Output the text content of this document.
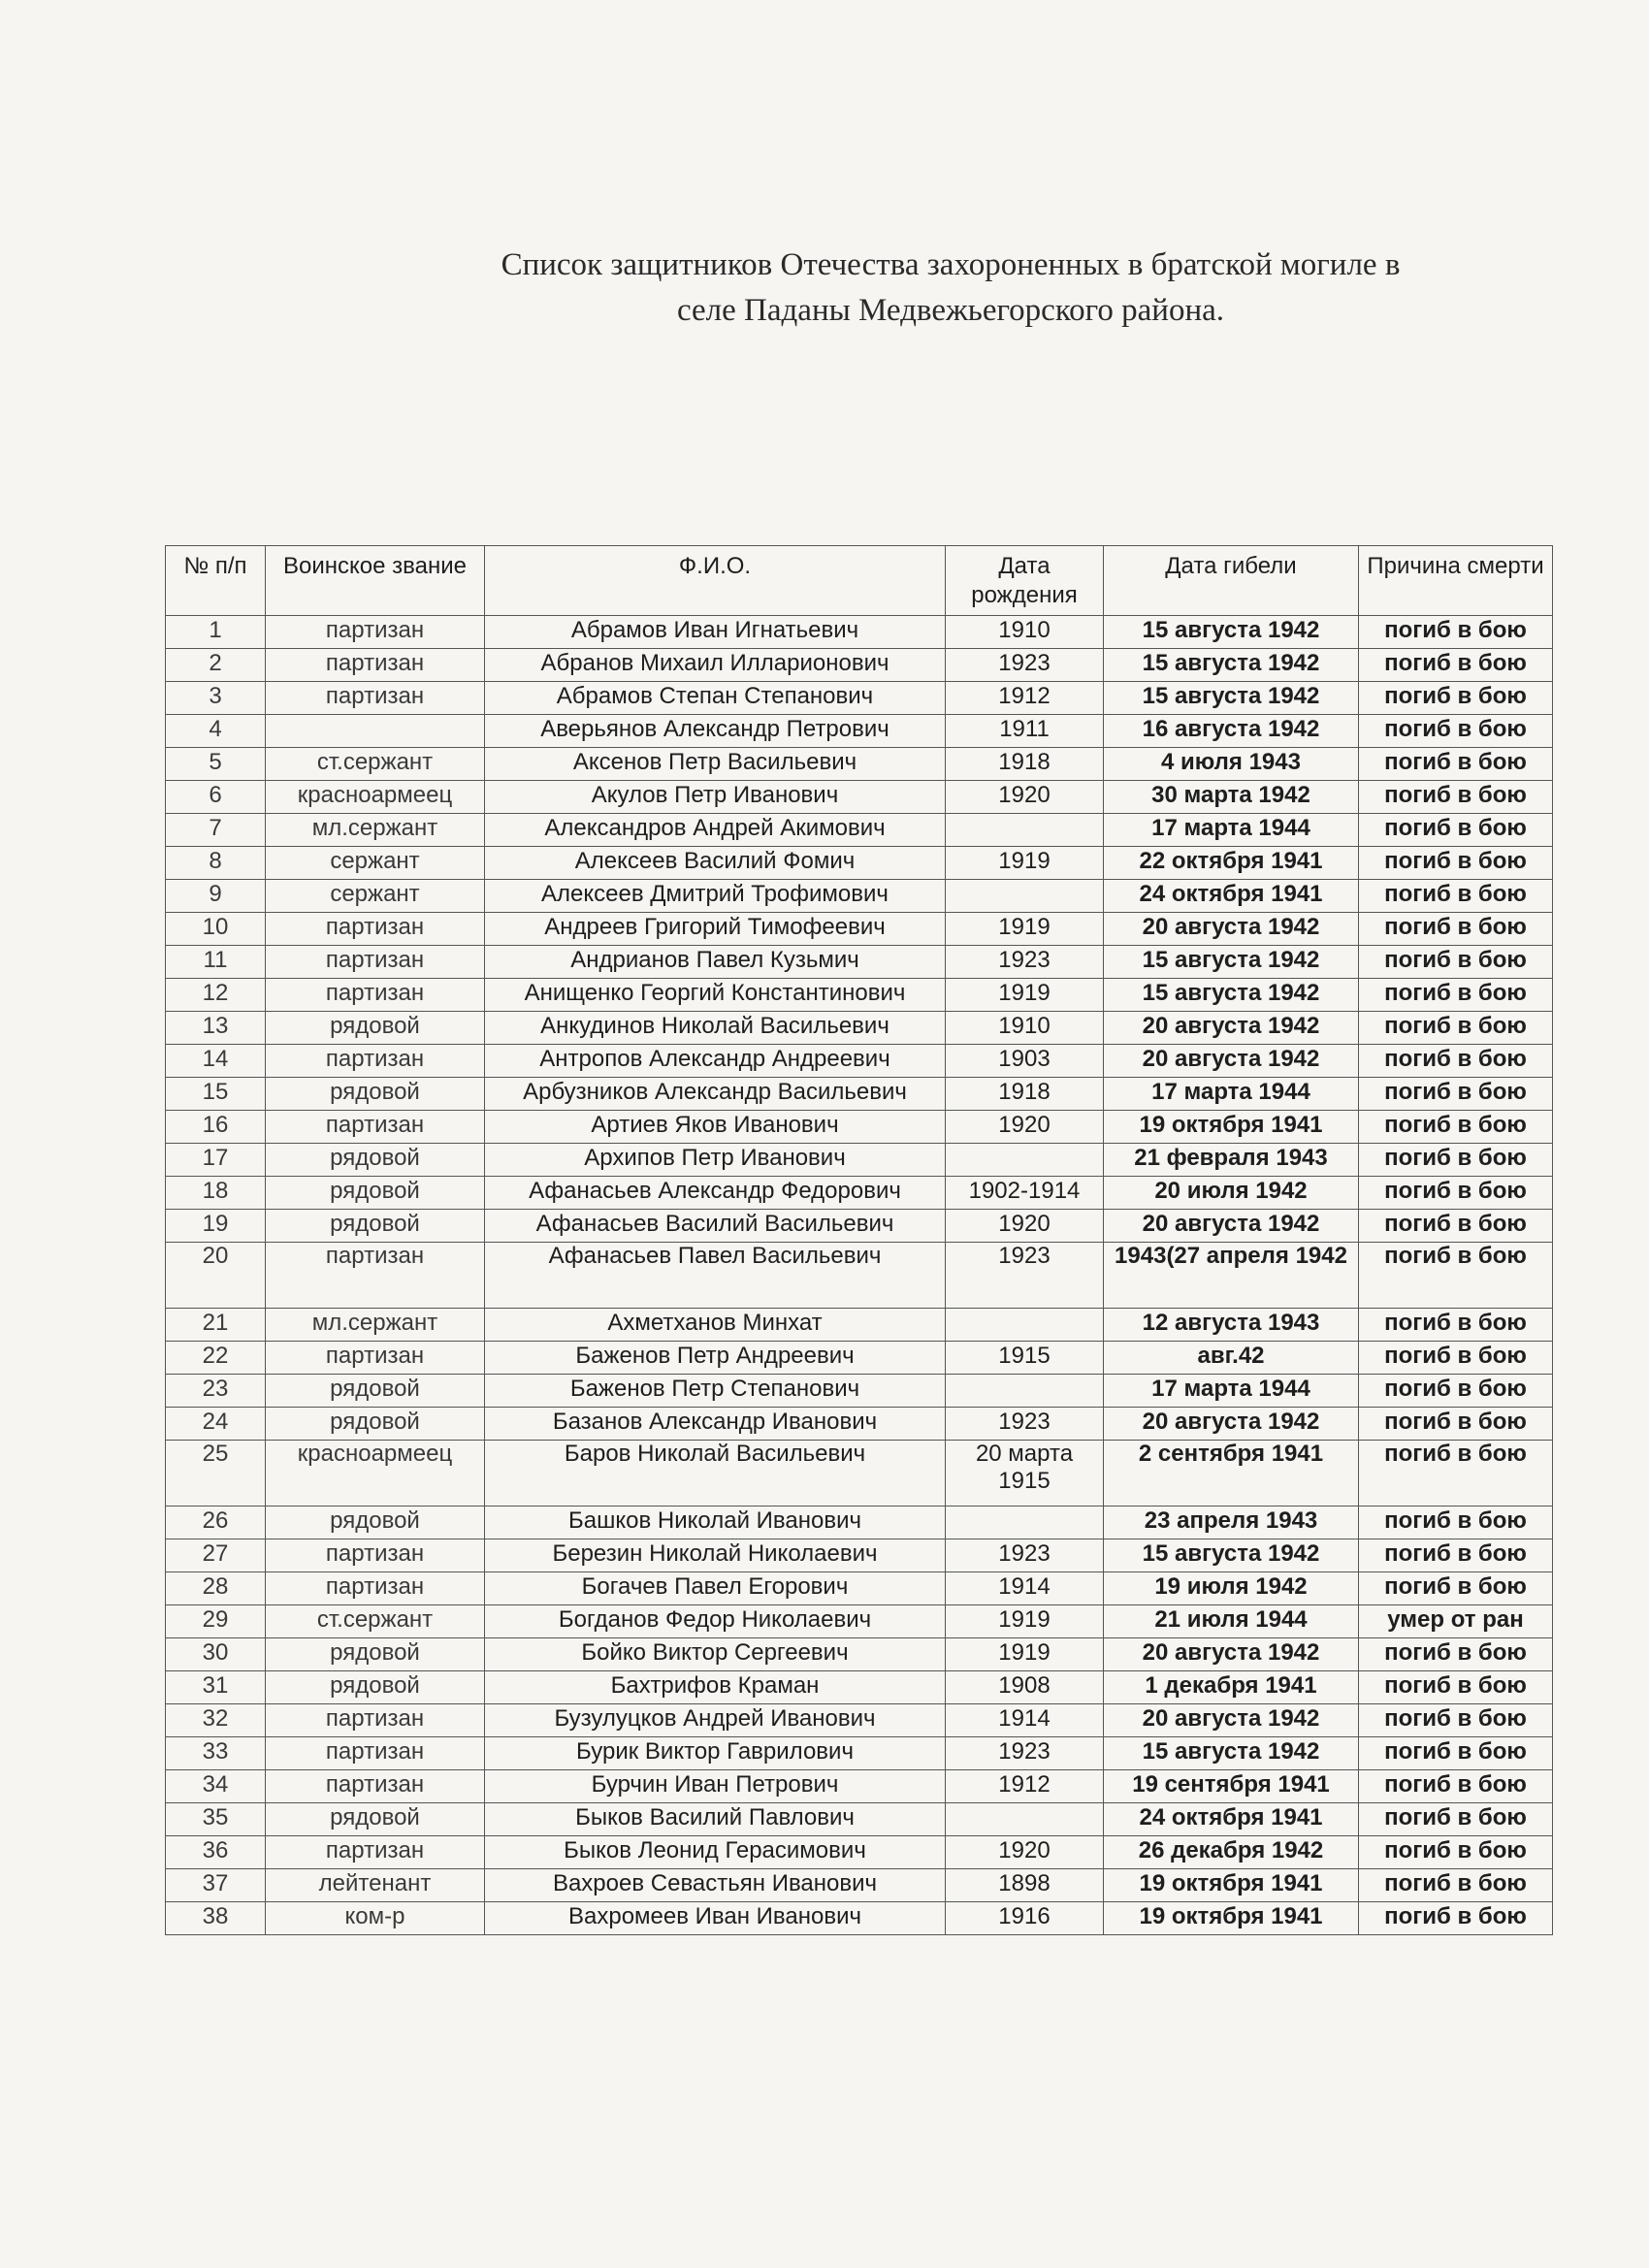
Список защитников Отечества захороненных в братской могиле в
селе Паданы Медвежьегорского района.
№ п/п	Воинское звание	Ф.И.О.	Дата рождения	Дата гибели	Причина смерти
1	партизан	Абрамов Иван Игнатьевич	1910	15 августа 1942	погиб в бою
2	партизан	Абранов Михаил Илларионович	1923	15 августа 1942	погиб в бою
3	партизан	Абрамов Степан Степанович	1912	15 августа 1942	погиб в бою
4		Аверьянов Александр Петрович	1911	16 августа 1942	погиб в бою
5	ст.сержант	Аксенов Петр Васильевич	1918	4 июля 1943	погиб в бою
6	красноармеец	Акулов Петр Иванович	1920	30 марта 1942	погиб в бою
7	мл.сержант	Александров Андрей Акимович		17 марта 1944	погиб в бою
8	сержант	Алексеев Василий Фомич	1919	22 октября 1941	погиб в бою
9	сержант	Алексеев Дмитрий Трофимович		24 октября 1941	погиб в бою
10	партизан	Андреев Григорий Тимофеевич	1919	20 августа 1942	погиб в бою
11	партизан	Андрианов Павел Кузьмич	1923	15 августа 1942	погиб в бою
12	партизан	Анищенко Георгий Константинович	1919	15 августа 1942	погиб в бою
13	рядовой	Анкудинов Николай Васильевич	1910	20 августа 1942	погиб в бою
14	партизан	Антропов Александр Андреевич	1903	20 августа 1942	погиб в бою
15	рядовой	Арбузников Александр Васильевич	1918	17 марта 1944	погиб в бою
16	партизан	Артиев Яков Иванович	1920	19 октября 1941	погиб в бою
17	рядовой	Архипов Петр Иванович		21 февраля 1943	погиб в бою
18	рядовой	Афанасьев Александр Федорович	1902-1914	20 июля 1942	погиб в бою
19	рядовой	Афанасьев Василий Васильевич	1920	20 августа 1942	погиб в бою
20	партизан	Афанасьев Павел Васильевич	1923	1943(27 апреля 1942	погиб в бою
21	мл.сержант	Ахметханов Минхат		12 августа 1943	погиб в бою
22	партизан	Баженов Петр Андреевич	1915	авг.42	погиб в бою
23	рядовой	Баженов Петр Степанович		17 марта 1944	погиб в бою
24	рядовой	Базанов Александр Иванович	1923	20 августа 1942	погиб в бою
25	красноармеец	Баров Николай Васильевич	20 марта 1915	2 сентября 1941	погиб в бою
26	рядовой	Башков Николай Иванович		23 апреля 1943	погиб в бою
27	партизан	Березин Николай Николаевич	1923	15 августа 1942	погиб в бою
28	партизан	Богачев Павел Егорович	1914	19 июля 1942	погиб в бою
29	ст.сержант	Богданов Федор Николаевич	1919	21 июля 1944	умер от ран
30	рядовой	Бойко Виктор Сергеевич	1919	20 августа 1942	погиб в бою
31	рядовой	Бахтрифов Краман	1908	1 декабря 1941	погиб в бою
32	партизан	Бузулуцков Андрей Иванович	1914	20 августа 1942	погиб в бою
33	партизан	Бурик Виктор Гаврилович	1923	15 августа 1942	погиб в бою
34	партизан	Бурчин Иван Петрович	1912	19 сентября 1941	погиб в бою
35	рядовой	Быков Василий Павлович		24 октября 1941	погиб в бою
36	партизан	Быков Леонид Герасимович	1920	26 декабря 1942	погиб в бою
37	лейтенант	Вахроев Севастьян Иванович	1898	19 октября 1941	погиб в бою
38	ком-р	Вахромеев Иван Иванович	1916	19 октября 1941	погиб в бою
